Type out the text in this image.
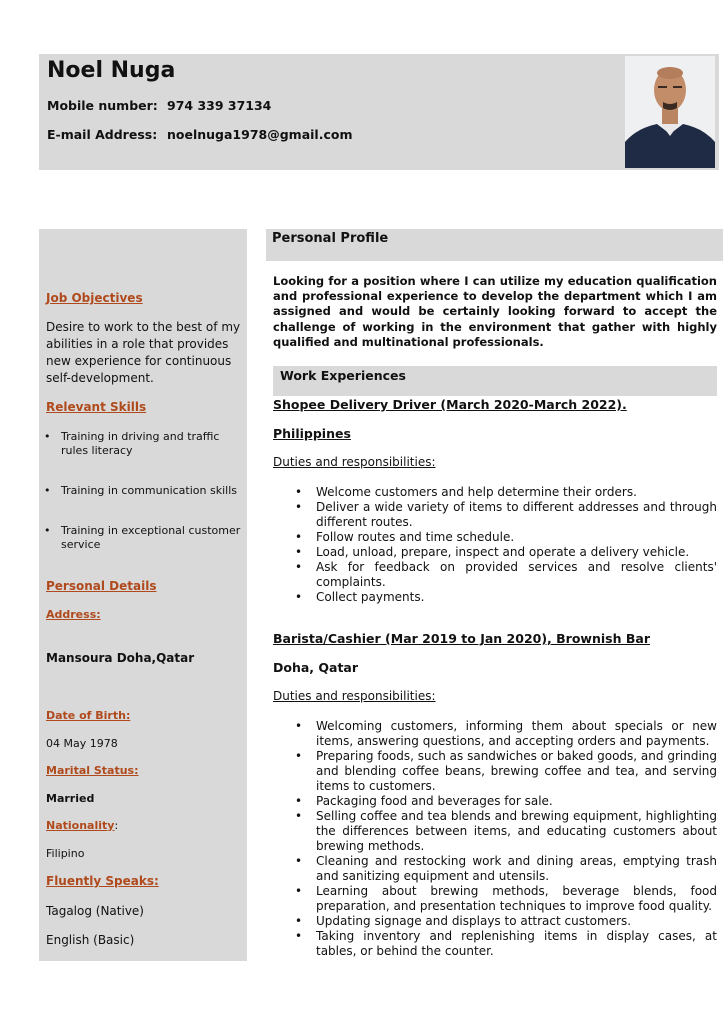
Noel Nuga
Mobile number: 974 339 37134
E-mail Address: noelnuga1978@gmail.com
Job Objectives
Desire to work to the best of my abilities in a role that provides new experience for continuous self-development.
Relevant Skills
• Training in driving and traffic rules literacy
• Training in communication skills
• Training in exceptional customer service
Personal Details
Address:
Mansoura Doha,Qatar
Date of Birth:
04 May 1978
Marital Status:
Married
Nationality:
Filipino
Fluently Speaks:
Tagalog (Native)
English (Basic)
Personal Profile
Looking for a position where I can utilize my education qualification and professional experience to develop the department which I am assigned and would be certainly looking forward to accept the challenge of working in the environment that gather with highly qualified and multinational professionals.
Work Experiences
Shopee Delivery Driver (March 2020-March 2022).
Philippines
Duties and responsibilities:
• Welcome customers and help determine their orders.
• Deliver a wide variety of items to different addresses and through different routes.
• Follow routes and time schedule.
• Load, unload, prepare, inspect and operate a delivery vehicle.
• Ask for feedback on provided services and resolve clients' complaints.
• Collect payments.
Barista/Cashier (Mar 2019 to Jan 2020), Brownish Bar
Doha, Qatar
Duties and responsibilities:
• Welcoming customers, informing them about specials or new items, answering questions, and accepting orders and payments.
• Preparing foods, such as sandwiches or baked goods, and grinding and blending coffee beans, brewing coffee and tea, and serving items to customers.
• Packaging food and beverages for sale.
• Selling coffee and tea blends and brewing equipment, highlighting the differences between items, and educating customers about brewing methods.
• Cleaning and restocking work and dining areas, emptying trash and sanitizing equipment and utensils.
• Learning about brewing methods, beverage blends, food preparation, and presentation techniques to improve food quality.
• Updating signage and displays to attract customers.
• Taking inventory and replenishing items in display cases, at tables, or behind the counter.
